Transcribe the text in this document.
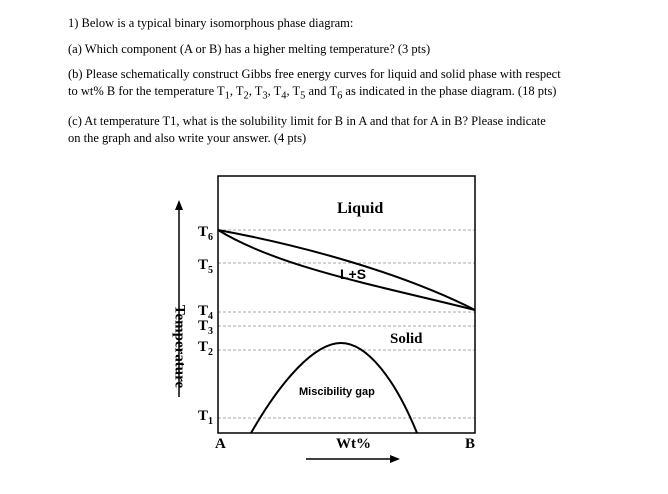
1) Below is a typical binary isomorphous phase diagram:
(a) Which component (A or B) has a higher melting temperature? (3 pts)
(b) Please schematically construct Gibbs free energy curves for liquid and solid phase with respect
to wt% B for the temperature $T_1$, $T_2$, $T_3$, $T_4$, $T_5$ and $T_6$ as indicated in the phase diagram. (18 pts)
(c) At temperature T1, what is the solubility limit for B in A and that for A in B? Please indicate
on the graph and also write your answer. (4 pts)
$T_6$
$T_5$
$T_4$
$T_3$
$T_2$
$T_1$
Liquid
L+S
Solid
Miscibility gap
Temperature
Wt%
A	B
